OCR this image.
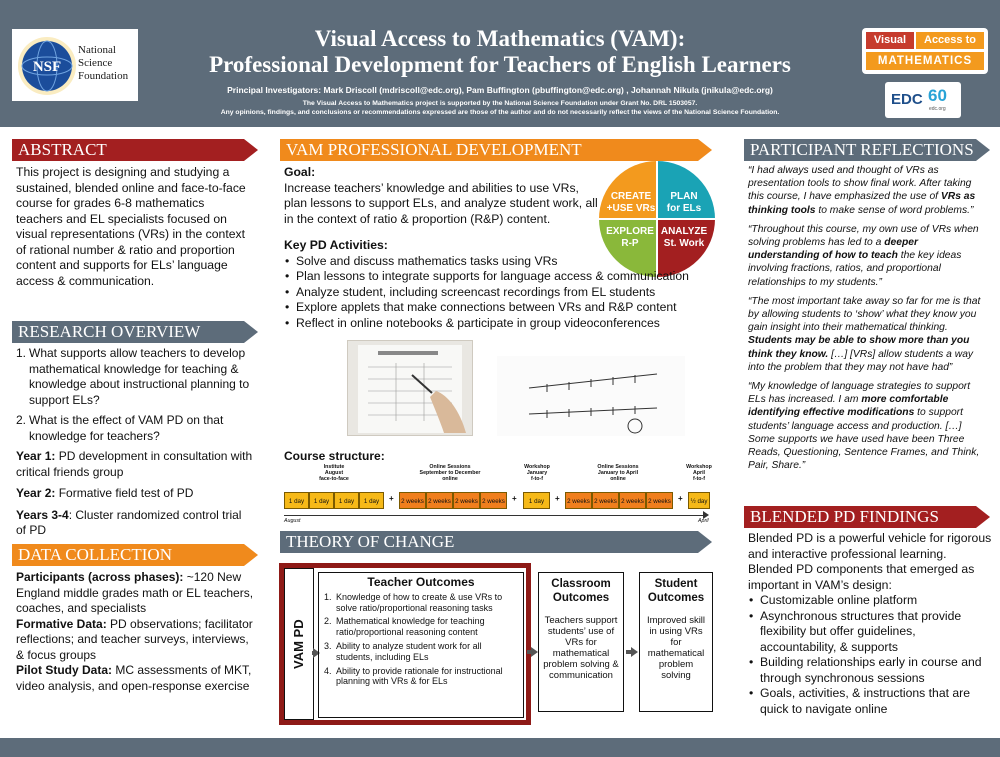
NSF
National
Science
Foundation
Visual Access to Mathematics (VAM):
Professional Development for Teachers of English Learners
Principal Investigators: Mark Driscoll (mdriscoll@edc.org), Pam Buffington (pbuffington@edc.org) , Johannah Nikula (jnikula@edc.org)
The Visual Access to Mathematics project is supported by the National Science Foundation under Grant No. DRL 1503057.
Any opinions, findings, and conclusions or recommendations expressed are those of the author and do not necessarily reflect the views of the National Science Foundation.
Visual	Access to
MATHEMATICS
EDC 60
edc.org
ABSTRACT
This project is designing and studying a sustained, blended online and face-to-face course for grades 6-8 mathematics teachers and EL specialists focused on visual representations (VRs) in the context of rational number & ratio and proportion content and supports for ELs’ language access & communication.
RESEARCH OVERVIEW
1. What supports allow teachers to develop mathematical knowledge for teaching & knowledge about instructional planning to support ELs?
2. What is the effect of VAM PD on that knowledge for teachers?
Year 1: PD development in consultation with critical friends group
Year 2: Formative field test of PD
Years 3-4: Cluster randomized control trial of PD
DATA COLLECTION
Participants (across phases): ~120 New England middle grades math or EL teachers, coaches, and specialists
Formative Data: PD observations; facilitator reflections; and teacher surveys, interviews, & focus groups
Pilot Study Data: MC assessments of MKT, video analysis, and open-response exercise
VAM PROFESSIONAL DEVELOPMENT
Goal:
Increase teachers’ knowledge and abilities to use VRs, plan lessons to support ELs, and analyze student work, all in the context of ratio & proportion (R&P) content.
CREATE
+USE VRs
PLAN
for ELs
EXPLORE
R-P
ANALYZE
St. Work
Key PD Activities:
• Solve and discuss mathematics tasks using VRs
• Plan lessons to integrate supports for language access & communication
• Analyze student, including screencast recordings from EL students
• Explore applets that make connections between VRs and R&P content
• Reflect in online notebooks & participate in group videoconferences
Course structure:
Institute
August
face-to-face
Online Sessions
September to December
online
Workshop
January
f-to-f
Online Sessions
January to April
online
Workshop
April
f-to-f
1 day	1 day	1 day	1 day	+	2 weeks 2 weeks 2 weeks 2 weeks +	1 day	+	2 weeks 2 weeks 2 weeks 2 weeks +	½ day
August	April
THEORY OF CHANGE
VAM PD
Teacher Outcomes
1. Knowledge of how to create & use VRs to solve ratio/proportional reasoning tasks
2. Mathematical knowledge for teaching ratio/proportional reasoning content
3. Ability to analyze student work for all students, including ELs
4. Ability to provide rationale for instructional planning with VRs & for ELs
Classroom Outcomes
Teachers support students’ use of VRs for mathematical problem solving & communication
Student Outcomes
Improved skill in using VRs for mathematical problem solving
PARTICIPANT REFLECTIONS
“I had always used and thought of VRs as presentation tools to show final work. After taking this course, I have emphasized the use of VRs as thinking tools to make sense of word problems.”
“Throughout this course, my own use of VRs when solving problems has led to a deeper understanding of how to teach the key ideas involving fractions, ratios, and proportional relationships to my students.”
“The most important take away so far for me is that by allowing students to ‘show’ what they know you gain insight into their mathematical thinking. Students may be able to show more than you think they know. […] [VRs] allow students a way into the problem that they may not have had”
“My knowledge of language strategies to support ELs has increased. I am more comfortable identifying effective modifications to support students’ language access and production. […] Some supports we have used have been Three Reads, Questioning, Sentence Frames, and Think, Pair, Share.”
BLENDED PD FINDINGS
Blended PD is a powerful vehicle for rigorous and interactive professional learning. Blended PD components that emerged as important in VAM’s design:
• Customizable online platform
• Asynchronous structures that provide flexibility but offer guidelines, accountability, & supports
• Building relationships early in course and through synchronous sessions
• Goals, activities, & instructions that are quick to navigate online
